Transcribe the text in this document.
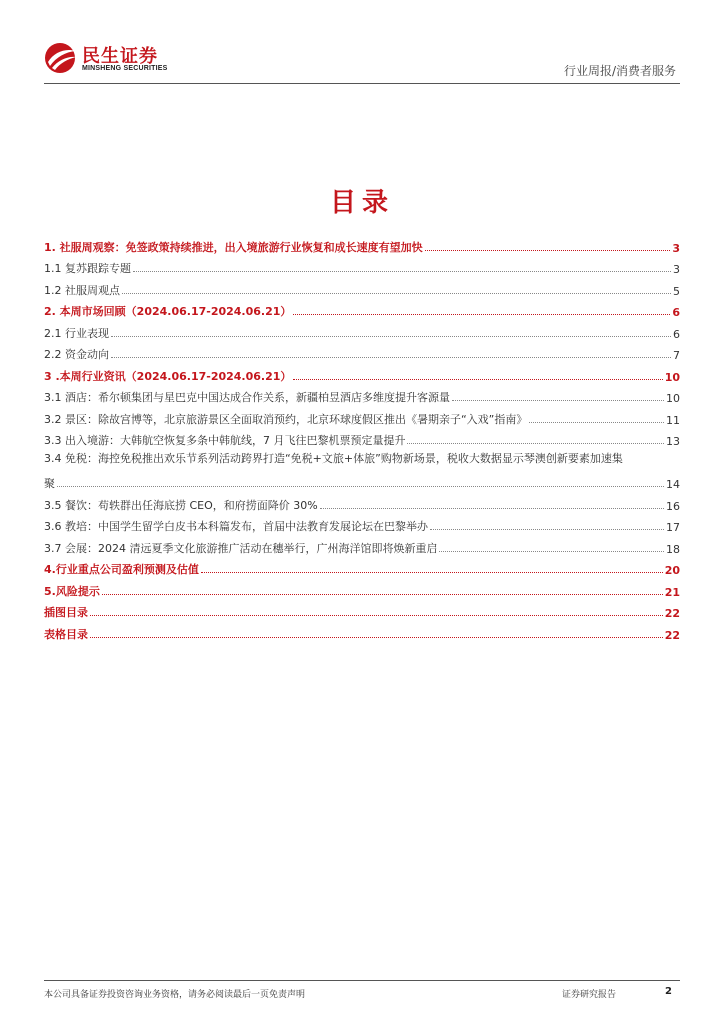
民生证券
MINSHENG SECURITIES	行业周报/消费者服务
目录
1. 社服周观察：免签政策持续推进，出入境旅游行业恢复和成长速度有望加快	3
1.1 复苏跟踪专题	3
1.2 社服周观点	5
2. 本周市场回顾（2024.06.17-2024.06.21）	6
2.1 行业表现	6
2.2 资金动向	7
3 .本周行业资讯（2024.06.17-2024.06.21）	10
3.1 酒店：希尔顿集团与星巴克中国达成合作关系，新疆柏昱酒店多维度提升客源量	10
3.2 景区：除故宫博等，北京旅游景区全面取消预约，北京环球度假区推出《暑期亲子“入戏”指南》	11
3.3 出入境游：大韩航空恢复多条中韩航线，7 月飞往巴黎机票预定量提升	13
3.4 免税：海控免税推出欢乐节系列活动跨界打造“免税+文旅+体旅”购物新场景，税收大数据显示琴澳创新要素加速集
聚	14
3.5 餐饮：苟轶群出任海底捞 CEO，和府捞面降价 30%	16
3.6 教培：中国学生留学白皮书本科篇发布，首届中法教育发展论坛在巴黎举办	17
3.7 会展：2024 清远夏季文化旅游推广活动在穗举行，广州海洋馆即将焕新重启	18
4.行业重点公司盈利预测及估值	20
5.风险提示	21
插图目录	22
表格目录	22
本公司具备证券投资咨询业务资格，请务必阅读最后一页免责声明	证券研究报告	2
